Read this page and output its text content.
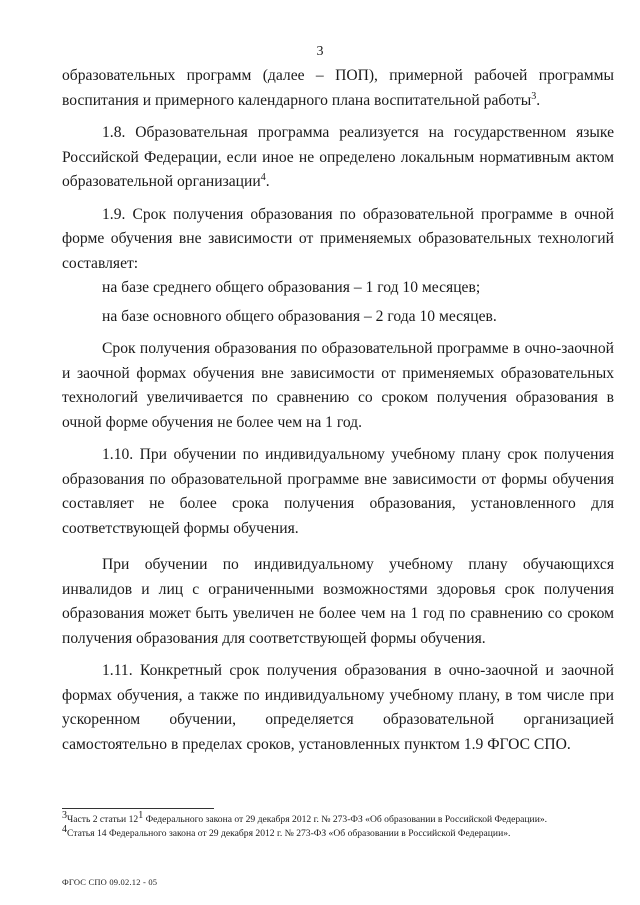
3

образовательных программ (далее – ПОП), примерной рабочей программы воспитания и примерного календарного плана воспитательной работы$^3$.

1.8. Образовательная программа реализуется на государственном языке Российской Федерации, если иное не определено локальным нормативным актом образовательной организации$^4$.

1.9. Срок получения образования по образовательной программе в очной форме обучения вне зависимости от применяемых образовательных технологий составляет:

на базе среднего общего образования – 1 год 10 месяцев;

на базе основного общего образования – 2 года 10 месяцев.

Срок получения образования по образовательной программе в очно-заочной и заочной формах обучения вне зависимости от применяемых образовательных технологий увеличивается по сравнению со сроком получения образования в очной форме обучения не более чем на 1 год.

1.10. При обучении по индивидуальному учебному плану срок получения образования по образовательной программе вне зависимости от формы обучения составляет не более срока получения образования, установленного для соответствующей формы обучения.

При обучении по индивидуальному учебному плану обучающихся инвалидов и лиц с ограниченными возможностями здоровья срок получения образования может быть увеличен не более чем на 1 год по сравнению со сроком получения образования для соответствующей формы обучения.

1.11. Конкретный срок получения образования в очно-заочной и заочной формах обучения, а также по индивидуальному учебному плану, в том числе при ускоренном обучении, определяется образовательной организацией самостоятельно в пределах сроков, установленных пунктом 1.9 ФГОС СПО.

$^3$Часть 2 статьи $12^1$ Федерального закона от 29 декабря 2012 г. № 273-ФЗ «Об образовании в Российской Федерации».
$^4$Статья 14 Федерального закона от 29 декабря 2012 г. № 273-ФЗ «Об образовании в Российской Федерации».
ФГОС СПО 09.02.12 - 05
